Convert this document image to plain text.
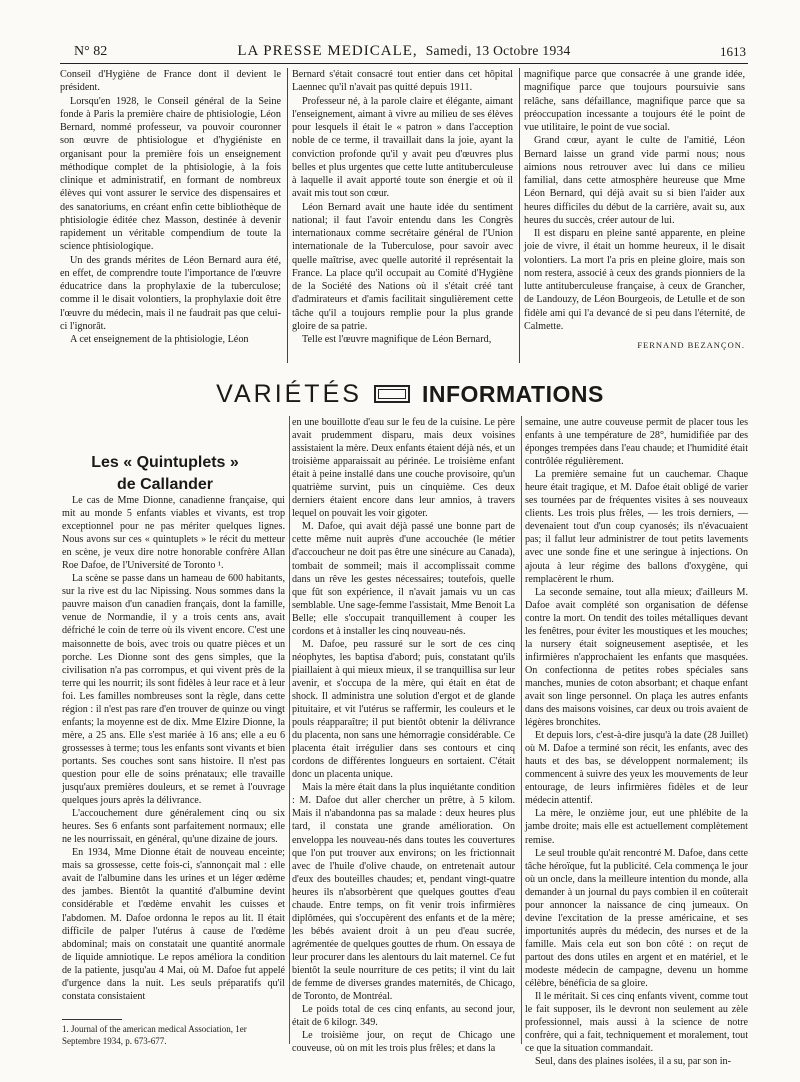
N° 82	LA PRESSE MEDICALE, Samedi, 13 Octobre 1934	1613

Conseil d'Hygiène de France dont il devient le président.

Lorsqu'en 1928, le Conseil général de la Seine fonde à Paris la première chaire de phtisiologie, Léon Bernard, nommé professeur, va pouvoir couronner son œuvre de phtisiologue et d'hygiéniste en organisant pour la première fois un enseignement méthodique complet de la phtisiologie, à la fois clinique et administratif, en formant de nombreux élèves qui vont assurer le service des dispensaires et des sanatoriums, en créant enfin cette bibliothèque de phtisiologie éditée chez Masson, destinée à devenir rapidement un véritable compendium de toute la science phtisiologique.

Un des grands mérites de Léon Bernard aura été, en effet, de comprendre toute l'importance de l'œuvre éducatrice dans la prophylaxie de la tuberculose; comme il le disait volontiers, la prophylaxie doit être l'œuvre du médecin, mais il ne faudrait pas que celui-ci l'ignorât.

A cet enseignement de la phtisiologie, Léon

Bernard s'était consacré tout entier dans cet hôpital Laennec qu'il n'avait pas quitté depuis 1911.

Professeur né, à la parole claire et élégante, aimant l'enseignement, aimant à vivre au milieu de ses élèves pour lesquels il était le « patron » dans l'acception noble de ce terme, il travaillait dans la joie, ayant la conviction profonde qu'il y avait peu d'œuvres plus belles et plus urgentes que cette lutte antituberculeuse à laquelle il avait apporté toute son énergie et où il avait mis tout son cœur.

Léon Bernard avait une haute idée du sentiment national; il faut l'avoir entendu dans les Congrès internationaux comme secrétaire général de l'Union internationale de la Tuberculose, pour savoir avec quelle maîtrise, avec quelle autorité il représentait la France. La place qu'il occupait au Comité d'Hygiène de la Société des Nations où il s'était créé tant d'admirateurs et d'amis facilitait singulièrement cette tâche qu'il a toujours remplie pour la plus grande gloire de sa patrie.

Telle est l'œuvre magnifique de Léon Bernard,

magnifique parce que consacrée à une grande idée, magnifique parce que toujours poursuivie sans relâche, sans défaillance, magnifique parce que sa préoccupation incessante a toujours été le point de vue utilitaire, le point de vue social.

Grand cœur, ayant le culte de l'amitié, Léon Bernard laisse un grand vide parmi nous; nous aimions nous retrouver avec lui dans ce milieu familial, dans cette atmosphère heureuse que Mme Léon Bernard, qui déjà avait su si bien l'aider aux heures difficiles du début de la carrière, avait su, aux heures du succès, créer autour de lui.

Il est disparu en pleine santé apparente, en pleine joie de vivre, il était un homme heureux, il le disait volontiers. La mort l'a pris en pleine gloire, mais son nom restera, associé à ceux des grands pionniers de la lutte antituberculeuse française, à ceux de Grancher, de Landouzy, de Léon Bourgeois, de Letulle et de son fidèle ami qui l'a devancé de si peu dans l'éternité, de Calmette.

FERNAND BEZANÇON.
VARIÉTÉS	INFORMATIONS
Les « Quintuplets »
de Callander

Le cas de Mme Dionne, canadienne française, qui mit au monde 5 enfants viables et vivants, est trop exceptionnel pour ne pas mériter quelques lignes. Nous avons sur ces « quintuplets » le récit du metteur en scène, je veux dire notre honorable confrère Allan Roe Dafoe, de l'Université de Toronto ¹.

La scène se passe dans un hameau de 600 habitants, sur la rive est du lac Nipissing. Nous sommes dans la pauvre maison d'un canadien français, dont la famille, venue de Normandie, il y a trois cents ans, avait défriché le coin de terre où ils vivent encore. C'est une maisonnette de bois, avec trois ou quatre pièces et un porche. Les Dionne sont des gens simples, que la civilisation n'a pas corrompus, et qui vivent près de la terre qui les nourrit; ils sont fidèles à leur race et à leur foi. Les familles nombreuses sont la règle, dans cette région : il n'est pas rare d'en trouver de quinze ou vingt enfants; la moyenne est de dix. Mme Elzire Dionne, la mère, a 25 ans. Elle s'est mariée à 16 ans; elle a eu 6 grossesses à terme; tous les enfants sont vivants et bien portants. Ses couches sont sans histoire. Il n'est pas question pour elle de soins prénataux; elle travaille jusqu'aux premières douleurs, et se remet à l'ouvrage quelques jours après la délivrance.

L'accouchement dure généralement cinq ou six heures. Ses 6 enfants sont parfaitement normaux; elle ne les nourrissait, en général, qu'une dizaine de jours.

En 1934, Mme Dionne était de nouveau enceinte; mais sa grossesse, cette fois-ci, s'annonçait mal : elle avait de l'albumine dans les urines et un léger œdème des jambes. Bientôt la quantité d'albumine devint considérable et l'œdème envahit les cuisses et l'abdomen. M. Dafoe ordonna le repos au lit. Il était difficile de palper l'utérus à cause de l'œdème abdominal; mais on constatait une quantité anormale de liquide amniotique. Le repos améliora la condition de la patiente, jusqu'au 4 Mai, où M. Dafoe fut appelé d'urgence dans la nuit. Les seuls préparatifs qu'il constata consistaient

1. Journal of the american medical Association, 1er Septembre 1934, p. 673-677.

en une bouillotte d'eau sur le feu de la cuisine. Le père avait prudemment disparu, mais deux voisines assistaient la mère. Deux enfants étaient déjà nés, et un troisième apparaissait au périnée. Le troisième enfant était à peine installé dans une couche provisoire, qu'un quatrième survint, puis un cinquième. Ces deux derniers étaient encore dans leur amnios, à travers lequel on pouvait les voir gigoter.

M. Dafoe, qui avait déjà passé une bonne part de cette même nuit auprès d'une accouchée (le métier d'accoucheur ne doit pas être une sinécure au Canada), tombait de sommeil; mais il accomplissait comme dans un rêve les gestes nécessaires; toutefois, quelle que fût son expérience, il n'avait jamais vu un cas semblable. Une sage-femme l'assistait, Mme Benoit La Belle; elle s'occupait tranquillement à couper les cordons et à installer les cinq nouveau-nés.

M. Dafoe, peu rassuré sur le sort de ces cinq néophytes, les baptisa d'abord; puis, constatant qu'ils piaillaient à qui mieux mieux, il se tranquillisa sur leur avenir, et s'occupa de la mère, qui était en état de shock. Il administra une solution d'ergot et de glande pituitaire, et vit l'utérus se raffermir, les couleurs et le pouls réapparaître; il put bientôt obtenir la délivrance du placenta, non sans une hémorragie considérable. Ce placenta était irrégulier dans ses contours et cinq cordons de différentes longueurs en sortaient. C'était donc un placenta unique.

Mais la mère était dans la plus inquiétante condition : M. Dafoe dut aller chercher un prêtre, à 5 kilom. Mais il n'abandonna pas sa malade : deux heures plus tard, il constata une grande amélioration. On enveloppa les nouveau-nés dans toutes les couvertures que l'on put trouver aux environs; on les frictionnait avec de l'huile d'olive chaude, on entretenait autour d'eux des bouteilles chaudes; et, pendant vingt-quatre heures ils n'absorbèrent que quelques gouttes d'eau chaude. Entre temps, on fit venir trois infirmières diplômées, qui s'occupèrent des enfants et de la mère; les bébés avaient droit à un peu d'eau sucrée, agrémentée de quelques gouttes de rhum. On essaya de leur procurer dans les alentours du lait maternel. Ce fut bientôt la seule nourriture de ces petits; il vint du lait de femme de diverses grandes maternités, de Chicago, de Toronto, de Montréal.

Le poids total de ces cinq enfants, au second jour, était de 6 kilogr. 349.

Le troisième jour, on reçut de Chicago une couveuse, où on mit les trois plus frêles; et dans la

semaine, une autre couveuse permit de placer tous les enfants à une température de 28°, humidifiée par des éponges trempées dans l'eau chaude; et l'humidité était contrôlée régulièrement.

La première semaine fut un cauchemar. Chaque heure était tragique, et M. Dafoe était obligé de varier ses tournées par de fréquentes visites à ses nouveaux clients. Les trois plus frêles, — les trois derniers, — devenaient tout d'un coup cyanosés; ils n'évacuaient pas; il fallut leur administrer de tout petits lavements avec une sonde fine et une seringue à injections. On ajouta à leur régime des ballons d'oxygène, qui remplacèrent le rhum.

La seconde semaine, tout alla mieux; d'ailleurs M. Dafoe avait complété son organisation de défense contre la mort. On tendit des toiles métalliques devant les fenêtres, pour éviter les moustiques et les mouches; la nursery était soigneusement aseptisée, et les infirmières n'approchaient les enfants que masquées. On confectionna de petites robes spéciales sans manches, munies de coton absorbant; et chaque enfant avait son linge personnel. On plaça les autres enfants dans des maisons voisines, car deux ou trois avaient de légères bronchites.

Et depuis lors, c'est-à-dire jusqu'à la date (28 Juillet) où M. Dafoe a terminé son récit, les enfants, avec des hauts et des bas, se développent normalement; ils commencent à suivre des yeux les mouvements de leur entourage, de leurs infirmières fidèles et de leur médecin attentif.

La mère, le onzième jour, eut une phlébite de la jambe droite; mais elle est actuellement complètement remise.

Le seul trouble qu'ait rencontré M. Dafoe, dans cette tâche héroïque, fut la publicité. Cela commença le jour où un oncle, dans la meilleure intention du monde, alla demander à un journal du pays combien il en coûterait pour annoncer la naissance de cinq jumeaux. On devine l'excitation de la presse américaine, et ses importunités auprès du médecin, des nurses et de la famille. Mais cela eut son bon côté : on reçut de partout des dons utiles en argent et en matériel, et le modeste médecin de campagne, devenu un homme célèbre, bénéficia de sa gloire.

Il le méritait. Si ces cinq enfants vivent, comme tout le fait supposer, ils le devront non seulement au zèle professionnel, mais aussi à la science de notre confrère, qui a fait, techniquement et moralement, tout ce que la situation commandait.

Seul, dans des plaines isolées, il a su, par son in-
